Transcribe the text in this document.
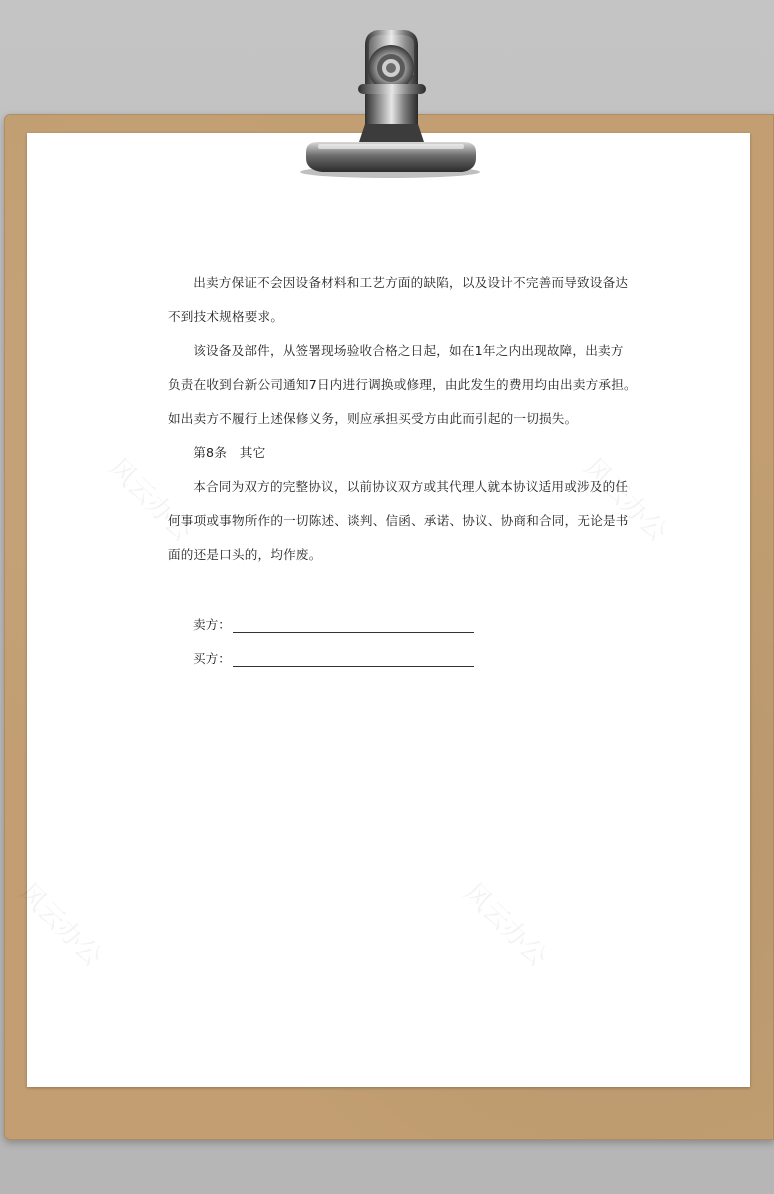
出卖方保证不会因设备材料和工艺方面的缺陷，以及设计不完善而导致设备达
不到技术规格要求。

该设备及部件，从签署现场验收合格之日起，如在1年之内出现故障，出卖方
负责在收到台新公司通知7日内进行调换或修理，由此发生的费用均由出卖方承担。
如出卖方不履行上述保修义务，则应承担买受方由此而引起的一切损失。

第8条　其它

本合同为双方的完整协议，以前协议双方或其代理人就本协议适用或涉及的任
何事项或事物所作的一切陈述、谈判、信函、承诺、协议、协商和合同，无论是书
面的还是口头的，均作废。

卖方：
买方：
